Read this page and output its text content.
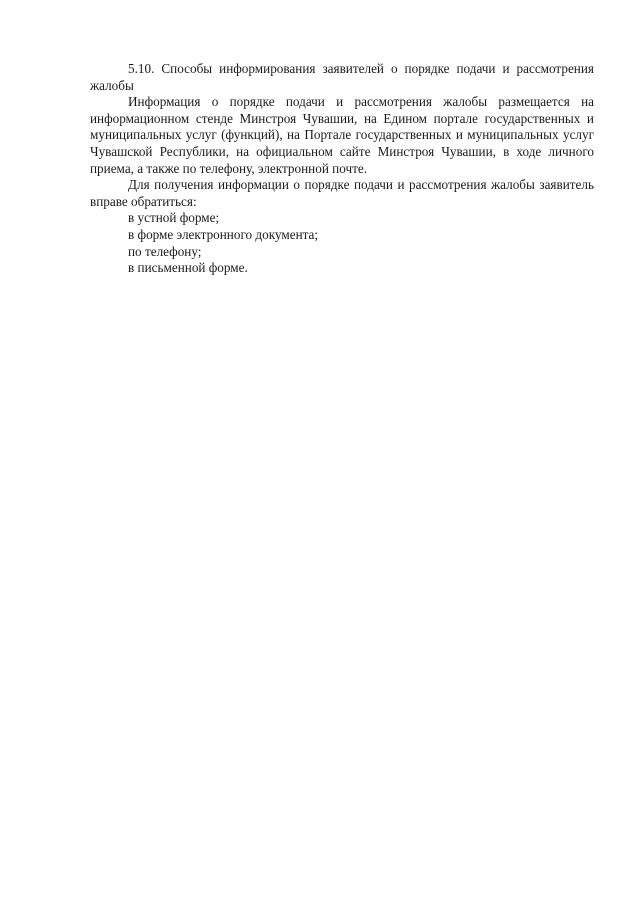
5.10. Способы информирования заявителей о порядке подачи и рассмотрения жалобы

Информация о порядке подачи и рассмотрения жалобы размещается на информационном стенде Минстроя Чувашии, на Едином портале государственных и муниципальных услуг (функций), на Портале государственных и муниципальных услуг Чувашской Республики, на официальном сайте Минстроя Чувашии, в ходе личного приема, а также по телефону, электронной почте.

Для получения информации о порядке подачи и рассмотрения жалобы заявитель вправе обратиться:

в устной форме;

в форме электронного документа;

по телефону;

в письменной форме.
